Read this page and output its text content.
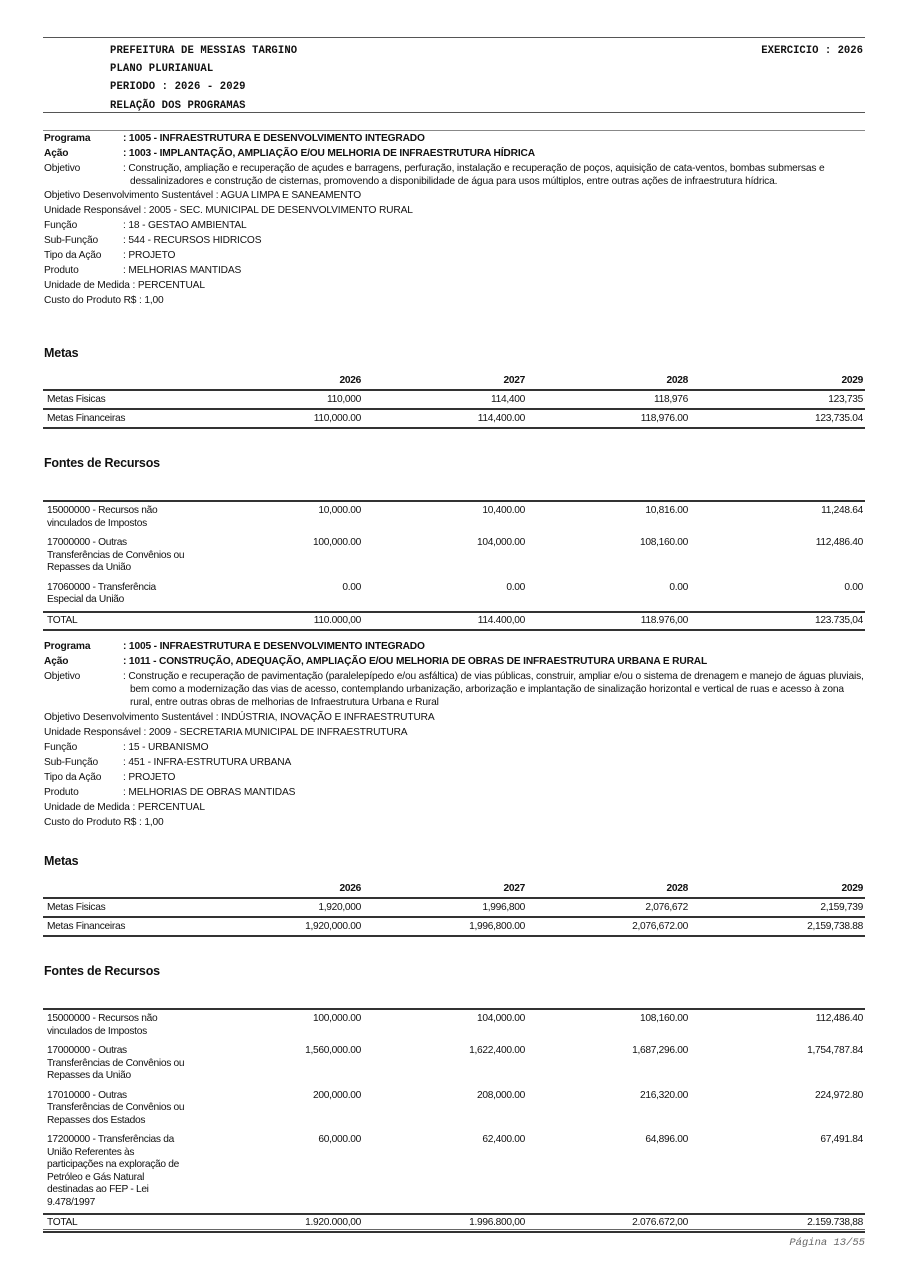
PREFEITURA DE MESSIAS TARGINO
PLANO PLURIANUAL
PERIODO : 2026 - 2029
RELAÇÃO DOS PROGRAMAS
EXERCICIO : 2026
Programa	: 1005 - INFRAESTRUTURA E DESENVOLVIMENTO INTEGRADO
Ação	: 1003 - IMPLANTAÇÃO, AMPLIAÇÃO E/OU MELHORIA DE INFRAESTRUTURA HÍDRICA
Objetivo	: Construção, ampliação e recuperação de açudes e barragens, perfuração, instalação e recuperação de poços, aquisição de cata-ventos, bombas submersas e dessalinizadores e construção de cisternas, promovendo a disponibilidade de água para usos múltiplos, entre outras ações de infraestrutura hídrica.
Objetivo Desenvolvimento Sustentável : AGUA LIMPA E SANEAMENTO
Unidade Responsável : 2005 - SEC. MUNICIPAL DE DESENVOLVIMENTO RURAL
Função	: 18 - GESTAO AMBIENTAL
Sub-Função : 544 - RECURSOS HIDRICOS
Tipo da Ação : PROJETO
Produto	: MELHORIAS MANTIDAS
Unidade de Medida : PERCENTUAL
Custo do Produto R$ : 1,00
Metas
	2026	2027	2028	2029
Metas Fisicas	110,000	114,400	118,976	123,735
Metas Financeiras	110,000.00	114,400.00	118,976.00	123,735.04
Fontes de Recursos
15000000 - Recursos não vinculados de Impostos	10,000.00	10,400.00	10,816.00	11,248.64
17000000 - Outras Transferências de Convênios ou Repasses da União	100,000.00	104,000.00	108,160.00	112,486.40
17060000 - Transferência Especial da União	0.00	0.00	0.00	0.00
TOTAL	110.000,00	114.400,00	118.976,00	123.735,04
Programa	: 1005 - INFRAESTRUTURA E DESENVOLVIMENTO INTEGRADO
Ação	: 1011 - CONSTRUÇÃO, ADEQUAÇÃO, AMPLIAÇÃO E/OU MELHORIA DE OBRAS DE INFRAESTRUTURA URBANA E RURAL
Objetivo	: Construção e recuperação de pavimentação (paralelepípedo e/ou asfáltica) de vias públicas, construir, ampliar e/ou o sistema de drenagem e manejo de águas pluviais, bem como a modernização das vias de acesso, contemplando urbanização, arborização e implantação de sinalização horizontal e vertical de ruas e acesso à zona rural, entre outras obras de melhorias de Infraestrutura Urbana e Rural
Objetivo Desenvolvimento Sustentável : INDÚSTRIA, INOVAÇÃO E INFRAESTRUTURA
Unidade Responsável : 2009 - SECRETARIA MUNICIPAL DE INFRAESTRUTURA
Função	: 15 - URBANISMO
Sub-Função : 451 - INFRA-ESTRUTURA URBANA
Tipo da Ação : PROJETO
Produto	: MELHORIAS DE OBRAS MANTIDAS
Unidade de Medida : PERCENTUAL
Custo do Produto R$ : 1,00
Metas
	2026	2027	2028	2029
Metas Fisicas	1,920,000	1,996,800	2,076,672	2,159,739
Metas Financeiras	1,920,000.00	1,996,800.00	2,076,672.00	2,159,738.88
Fontes de Recursos
15000000 - Recursos não vinculados de Impostos	100,000.00	104,000.00	108,160.00	112,486.40
17000000 - Outras Transferências de Convênios ou Repasses da União	1,560,000.00	1,622,400.00	1,687,296.00	1,754,787.84
17010000 - Outras Transferências de Convênios ou Repasses dos Estados	200,000.00	208,000.00	216,320.00	224,972.80
17200000 - Transferências da União Referentes às participações na exploração de Petróleo e Gás Natural destinadas ao FEP - Lei 9.478/1997	60,000.00	62,400.00	64,896.00	67,491.84
TOTAL	1.920.000,00	1.996.800,00	2.076.672,00	2.159.738,88
Página 13/55
